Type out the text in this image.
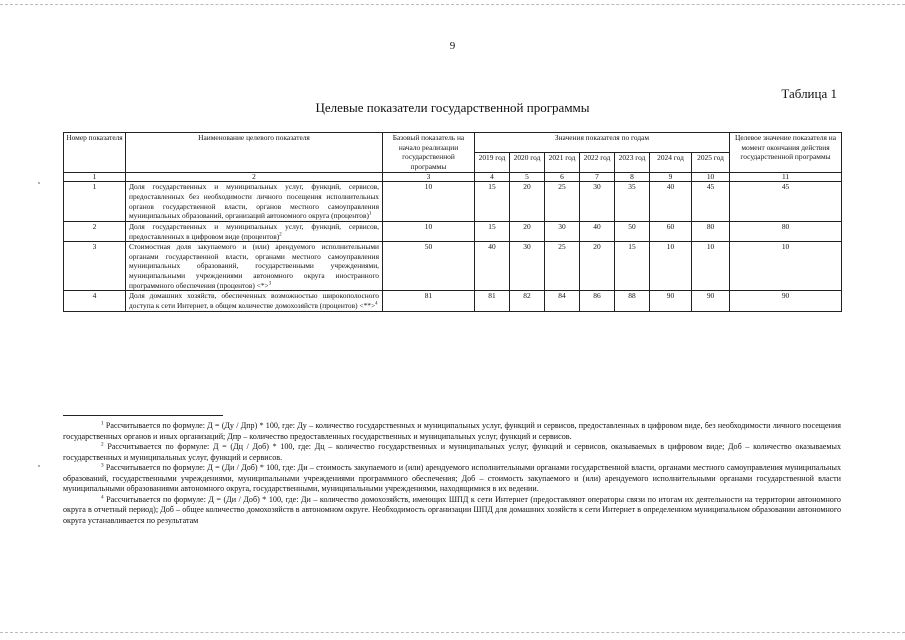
9
Таблица 1
Целевые показатели государственной программы
Номер показателя	Наименование целевого показателя	Базовый показатель на начало реализации государственной программы	Значения показателя по годам							Целевое значение показателя на момент окончания действия государственной программы
			2019 год	2020 год	2021 год	2022 год	2023 год	2024 год	2025 год	
1	2	3	4	5	6	7	8	9	10	11
1	Доля государственных и муниципальных услуг, функций, сервисов, предоставленных без необходимости личного посещения исполнительных органов государственной власти, органов местного самоуправления муниципальных образований, организаций автономного округа (процентов)$^1$	10	15	20	25	30	35	40	45	45
2	Доля государственных и муниципальных услуг, функций, сервисов, предоставленных в цифровом виде (процентов)$^2$	10	15	20	30	40	50	60	80	80
3	Стоимостная доля закупаемого и (или) арендуемого исполнительными органами государственной власти, органами местного самоуправления муниципальных образований, государственными учреждениями, муниципальными учреждениями автономного округа иностранного программного обеспечения (процентов) <*>$^3$	50	40	30	25	20	15	10	10	10
4	Доля домашних хозяйств, обеспеченных возможностью широкополосного доступа к сети Интернет, в общем количестве домохозяйств (процентов) <**>$^4$	81	81	82	84	86	88	90	90	90

$^1$ Рассчитывается по формуле: Д = (Ду / Дпр) * 100, где: Ду – количество государственных и муниципальных услуг, функций и сервисов, предоставленных в цифровом виде, без необходимости личного посещения государственных органов и иных организаций; Дпр – количество предоставленных государственных и муниципальных услуг, функций и сервисов.

$^2$ Рассчитывается по формуле: Д = (Дц / Доб) * 100, где: Дц – количество государственных и муниципальных услуг, функций и сервисов, оказываемых в цифровом виде; Доб – количество оказываемых государственных и муниципальных услуг, функций и сервисов.

$^3$ Рассчитывается по формуле: Д = (Ди / Доб) * 100, где: Ди – стоимость закупаемого и (или) арендуемого исполнительными органами государственной власти, органами местного самоуправления муниципальных образований, государственными учреждениями, муниципальными учреждениями программного обеспечения; Доб – стоимость закупаемого и (или) арендуемого исполнительными органами государственной власти муниципальными образованиями автономного округа, государственными, муниципальными учреждениями, находящимися в их ведении.

$^4$ Рассчитывается по формуле: Д = (Ди / Доб) * 100, где: Ди – количество домохозяйств, имеющих ШПД к сети Интернет (предоставляют операторы связи по итогам их деятельности на территории автономного округа в отчетный период); Доб – общее количество домохозяйств в автономном округе. Необходимость организации ШПД для домашних хозяйств к сети Интернет в определенном муниципальном образовании автономного округа устанавливается по результатам
